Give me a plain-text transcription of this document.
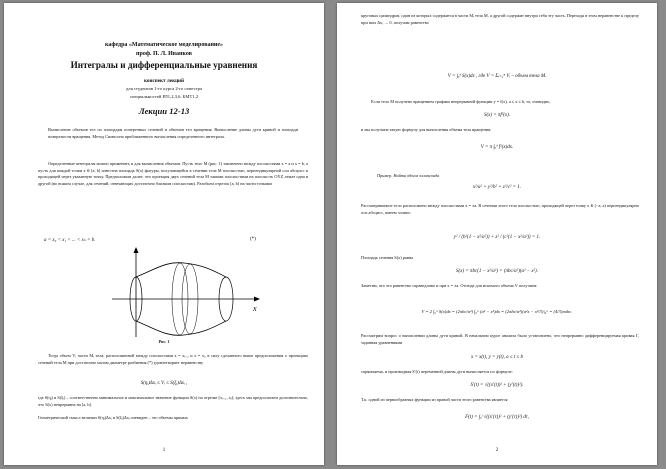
кафедра «Математическое моделирование»
проф. П. Л. Иванков
Интегралы и дифференциальные уравнения
конспект лекций
для студентов 1-го курса 2-го семестра
специальностей РЛ1,2,3,6, БМТ1,2
Лекции 12-13
Вычисление объемов тел по площадям поперечных сечений и объемов тел вращения. Вычисление длины дуги кривой и площади поверхности вращения. Метод Симпсона приближенного вычисления определенного интеграла.
Определенные интегралы можно применить и для вычисления объемов. Пусть тело M (рис. 1) заключено между плоскостями x = a и x = b, а пусть для каждой точки x ∈ [a, b] известна площадь S(x) фигуры, получающейся в сечении тела M плоскостью, перпендикулярной оси абсцисс и проходящей через указанную точку. Предположим далее, что проекция двух сечений тела M такими плоскостями на плоскость OYZ лежат одна в другой (во всяком случае, для сечений, отвечающих достаточно близким плоскостям). Разобьем отрезок [a, b] на части точками
a = x₀ < x₁ < ... < xₙ = b.	(*)
x
Рис. 1
Тогда объем Vᵢ части Mᵢ тела, расположенной между плоскостями x = xᵢ₋₁ и x = xᵢ, в силу сделанного выше предположения о проекциях сечений тела M при достаточно малом диаметре разбиения (*) удовлетворяет неравенству
S(ηᵢ)Δxᵢ ≤ Vᵢ ≤ S(ξᵢ)Δxᵢ ,
где S(ηᵢ) и S(ξᵢ) – соответственно минимальное и максимальное значение функции S(x) на отрезке [xᵢ₋₁, xᵢ]; здесь мы предполагаем дополнительно, что S(x) непрерывна на [a, b].
Геометрический смысл величин S(ηᵢ)Δxᵢ и S(ξᵢ)Δxᵢ очевиден – это объемы прямых
1
круговых цилиндров, один из которых содержится в части Mᵢ тела M, а другой содержит внутри себя эту часть. Переходя в этом неравенстве к пределу при max Δxᵢ → 0, получим равенство
V = ∫ₐᵇ S(x)dx , где V = Σᵢ₌₁ⁿ Vᵢ – объем тела M.
Если тело M получено вращением графика непрерывной функции y = f(x), a ≤ x ≤ b, то, очевидно,
S(x) = πf²(x).
и мы получаем такую формулу для вычисления объема тела вращения:
V = π ∫ₐᵇ f²(x)dx.
Пример. Найти объем эллипсоида
x²/a² + y²/b² + z²/c² = 1.
Рассматриваемое тело расположено между плоскостями x = ±a. В сечении этого тела плоскостью, проходящей через точку x ∈ (−a, a) перпендикулярно оси абсцисс, имеем эллипс:
y² / (b²(1 − x²/a²)) + z² / (c²(1 − x²/a²)) = 1.
Площадь сечения S(x) равна
S(x) = πbc(1 − x²/a²) = (πbc/a²)(a² − x²).
Заметим, что это равенство справедливо и при x = ±a. Отсюда для искомого объема V получаем:
V = 2 ∫₀ᵃ S(x)dx = (2πbc/a²) ∫₀ᵃ (a² − x²)dx = (2πbc/a²)(a²x − x³/3)|₀ᵃ = (4/3)πabc.
Рассмотрим вопрос о вычислении длины дуги кривой. В начальном курсе анализа было установлено, что непрерывно дифференцируемая кривая Γ, заданная уравнениями
x = x(t), y = y(t), a ≤ t ≤ b
спрямляема, и производная S′(t) переменной длины дуги вычисляется по формуле:
S′(t) = √((x′(t))² + (y′(t))²).
Т.к. одной из первообразных функции из правой части этого равенства является
F(t) = ∫ₐᵗ √((x′(τ))² + (y′(τ))²) dτ,
2
